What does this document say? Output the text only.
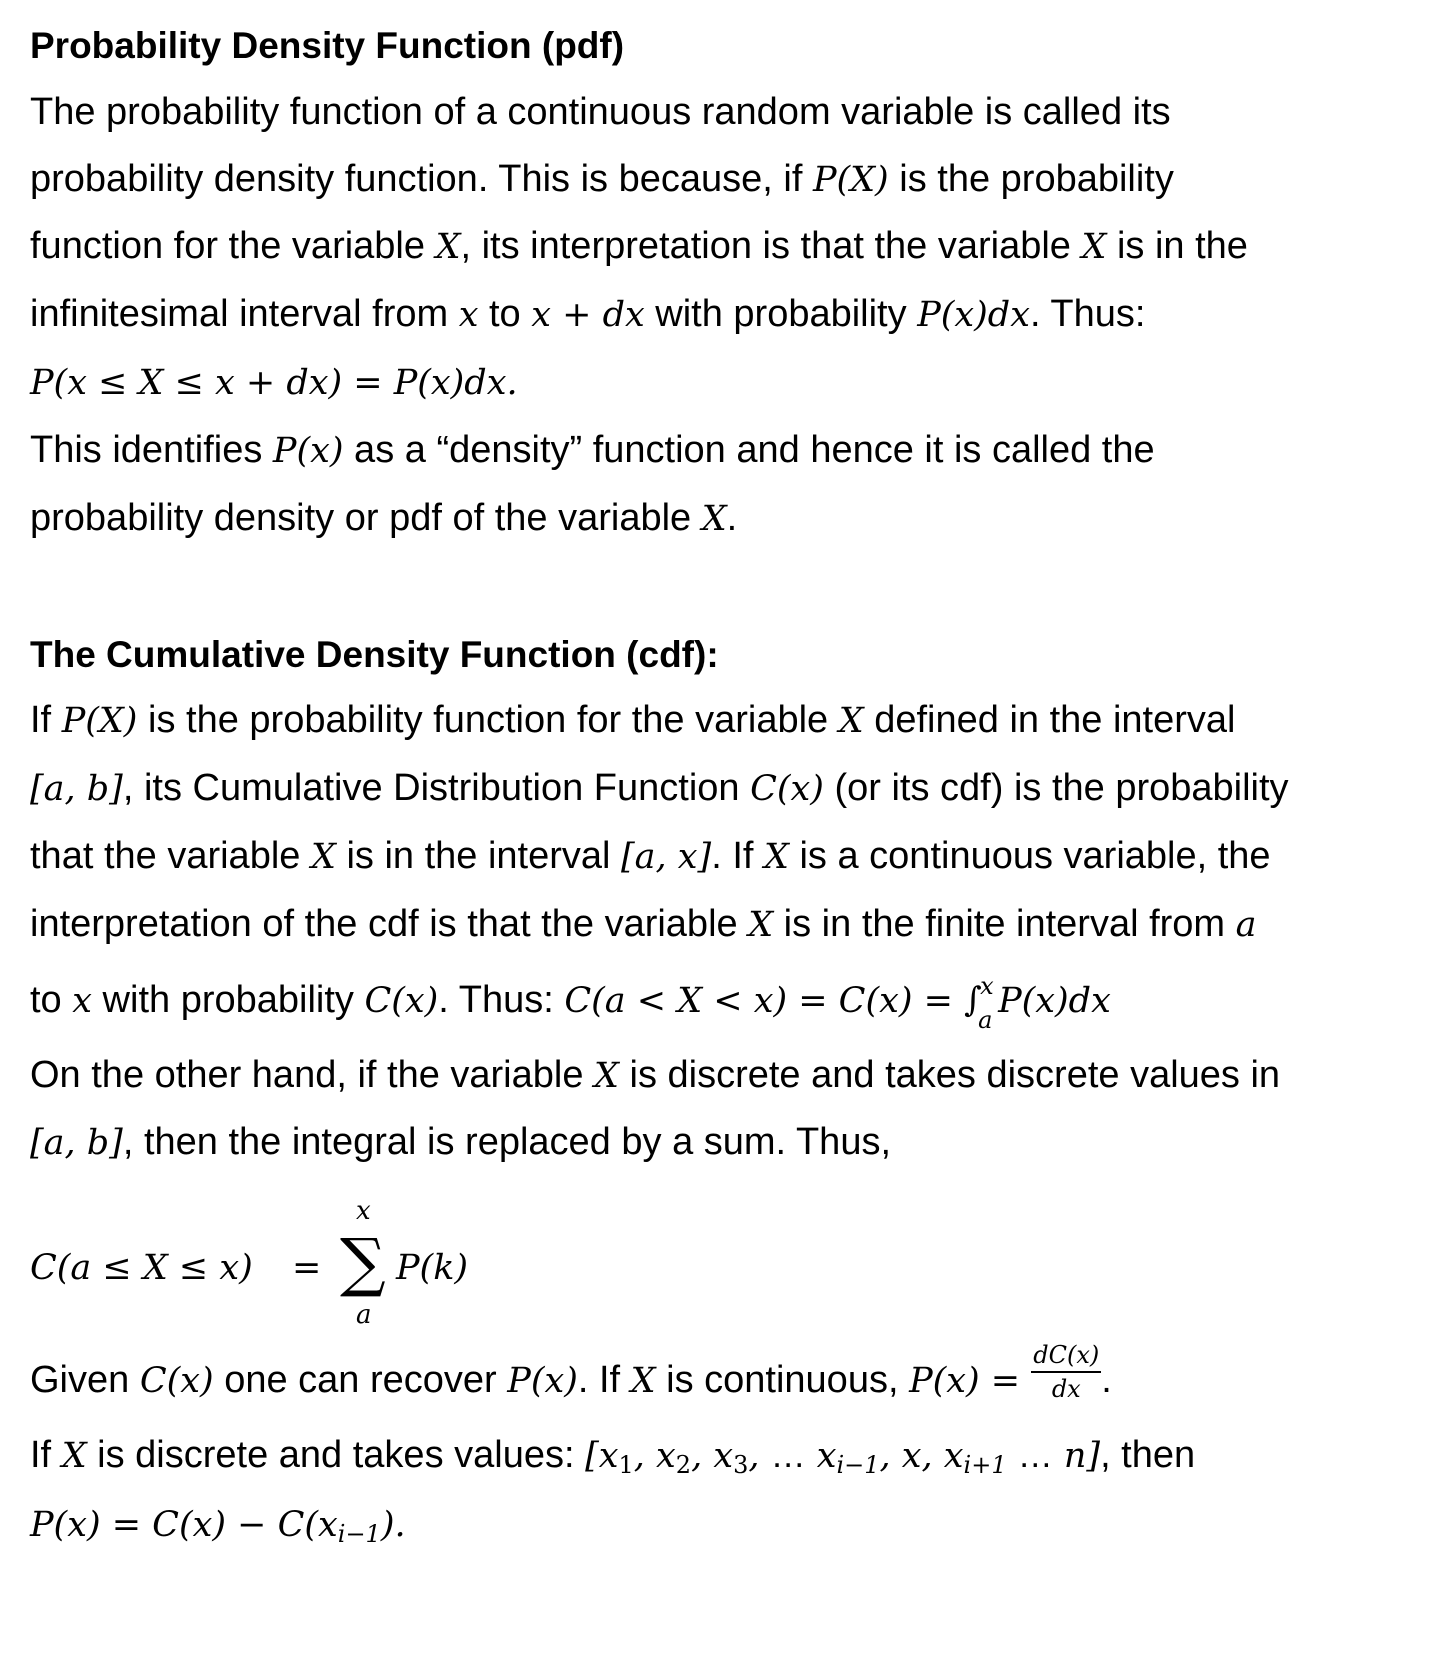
Probability Density Function (pdf)
The probability function of a continuous random variable is called its
probability density function. This is because, if P(X) is the probability
function for the variable X, its interpretation is that the variable X is in the
infinitesimal interval from x to x + dx with probability P(x)dx. Thus:
P(x ≤ X ≤ x + dx) = P(x)dx.
This identifies P(x) as a “density” function and hence it is called the
probability density or pdf of the variable X.
The Cumulative Density Function (cdf):
If P(X) is the probability function for the variable X defined in the interval
[a, b], its Cumulative Distribution Function C(x) (or its cdf) is the probability
that the variable X is in the interval [a, x]. If X is a continuous variable, the
interpretation of the cdf is that the variable X is in the finite interval from a
to x with probability C(x). Thus: C(a < X < x) = C(x) = ∫
x
a P(x)dx
On the other hand, if the variable X is discrete and takes discrete values in
[a, b], then the integral is replaced by a sum. Thus,
C(a ≤ X ≤ x) =
x
∑
a
P(k)
Given C(x) one can recover P(x). If X is continuous, $P(x) = \frac{dC(x)}{dx}$ .
If X is discrete and takes values: [$x_1$, $x_2$, $x_3$, … $x_{i-1}$, x, $x_{i+1}$ … n], then
$P(x) = C(x) - C(x_{i-1})$.
